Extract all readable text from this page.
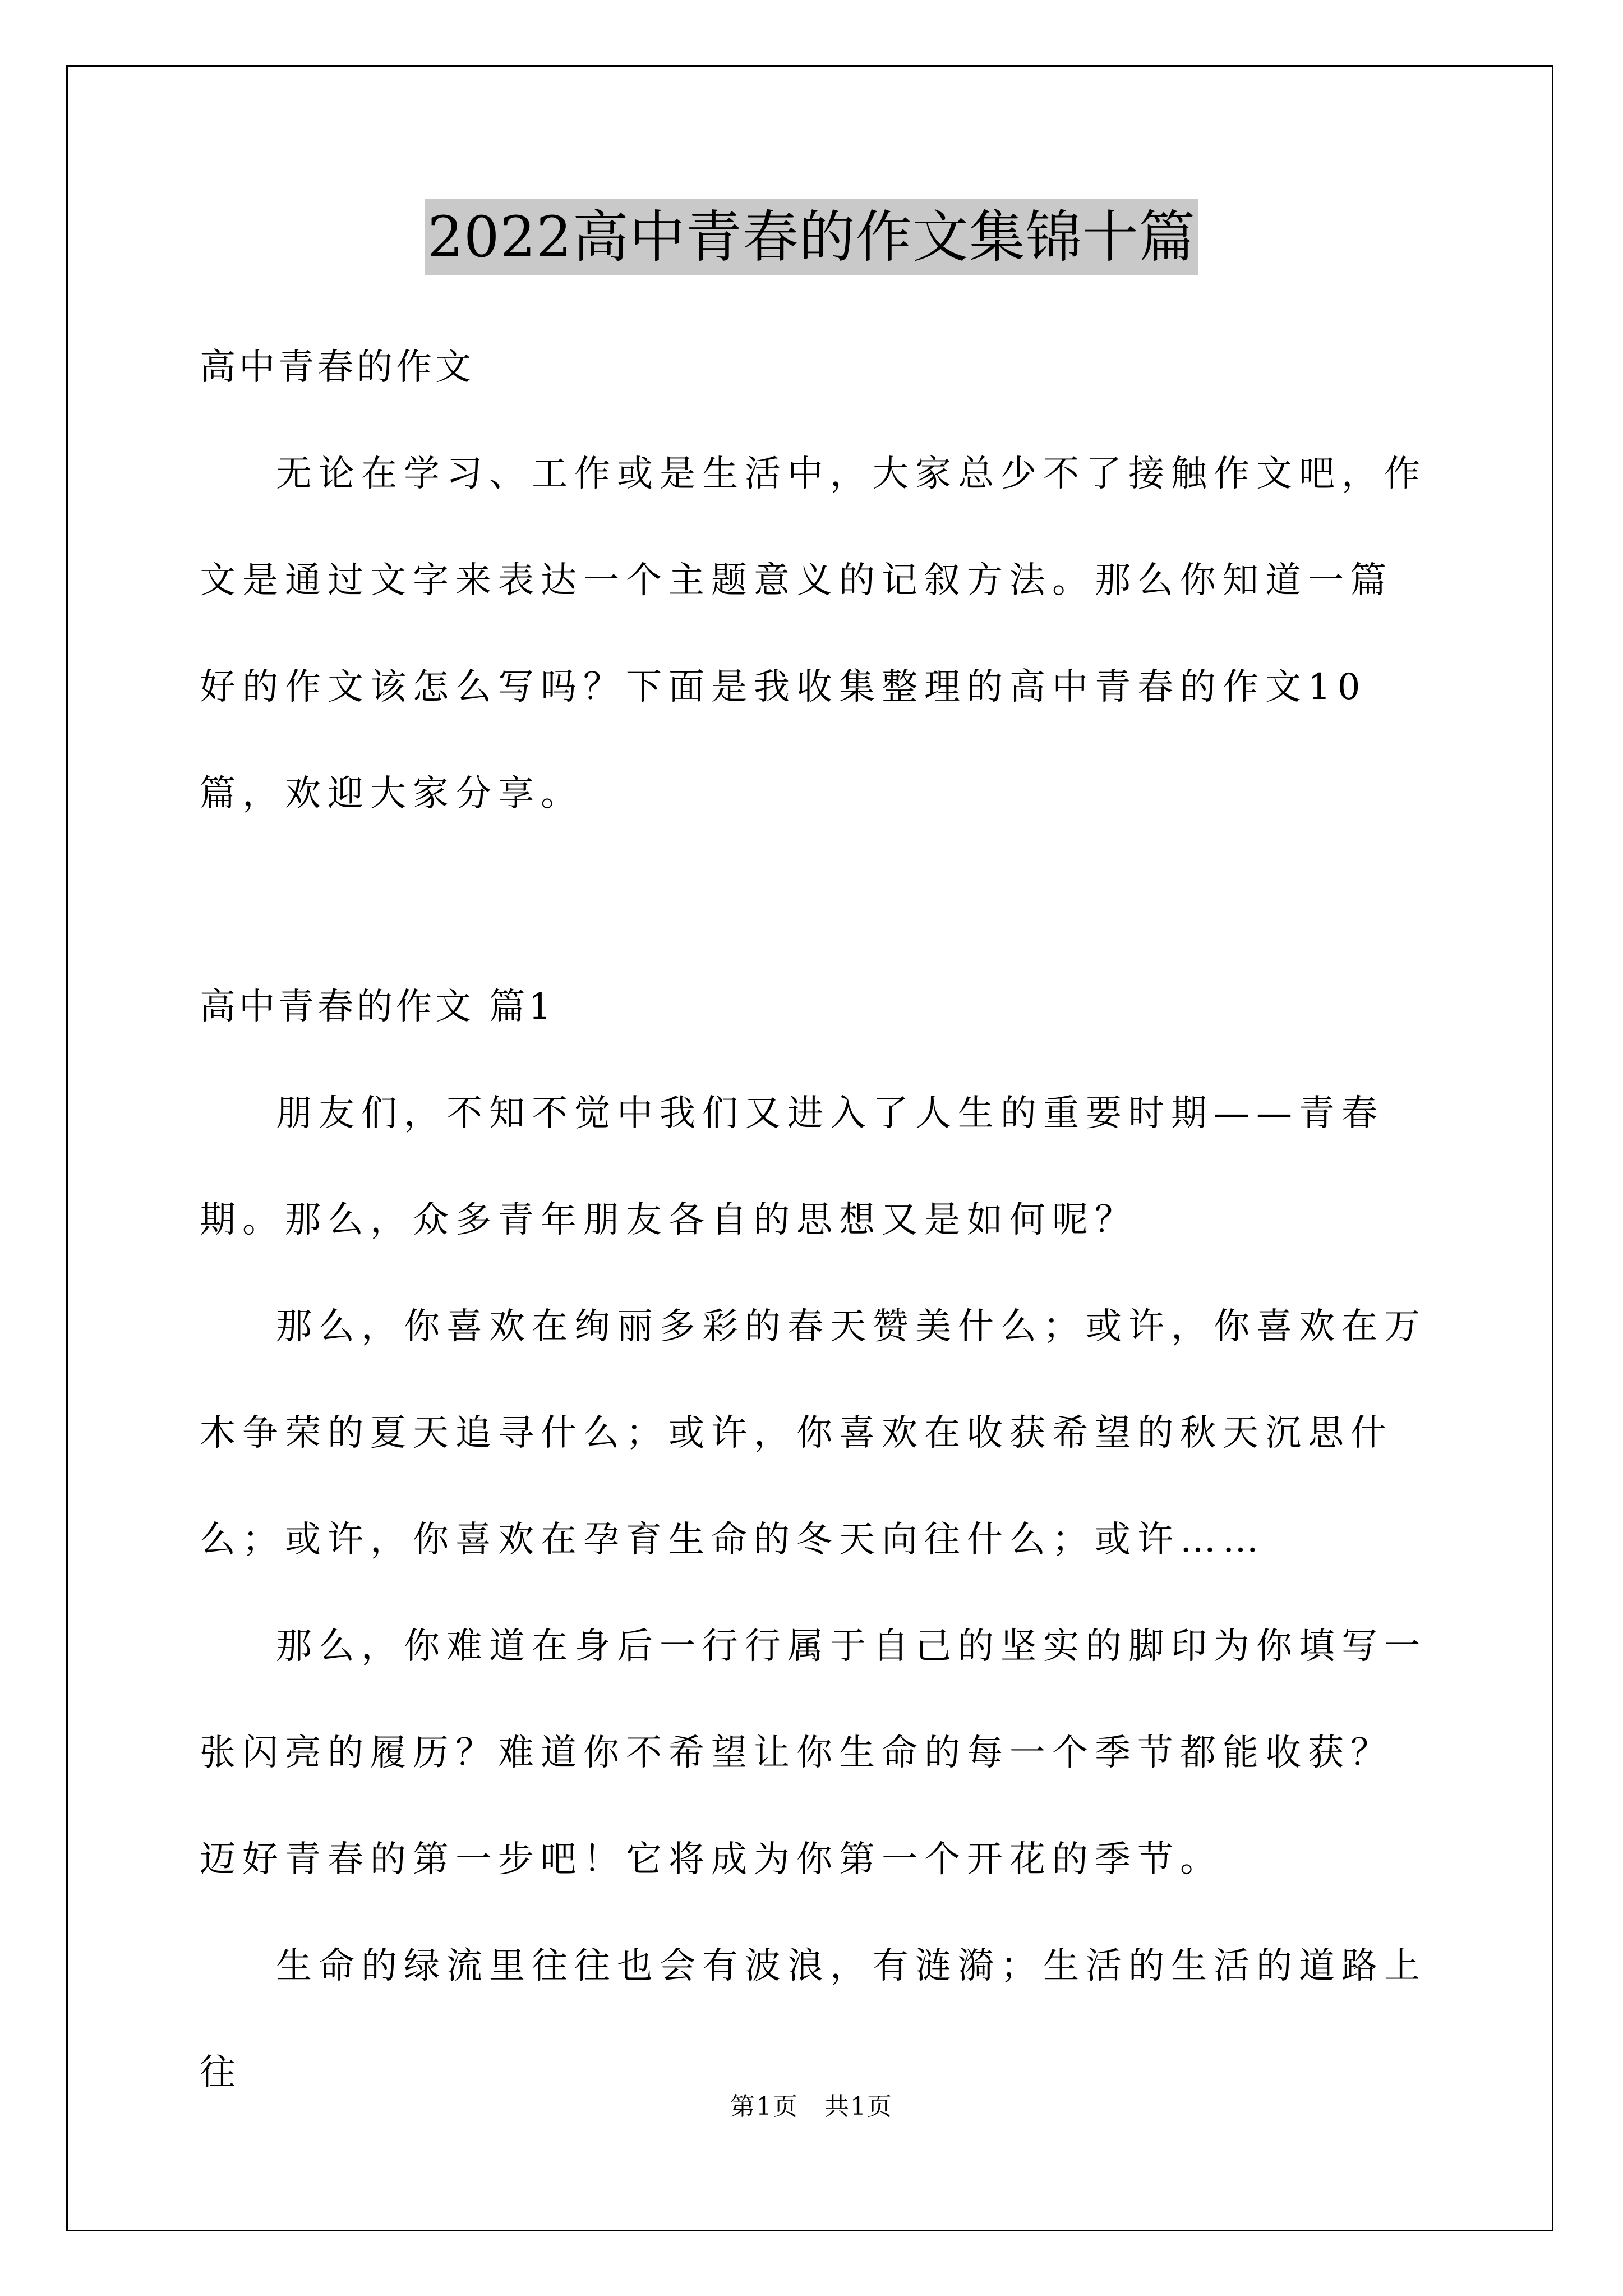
2022高中青春的作文集锦十篇

高中青春的作文

无论在学习、工作或是生活中，大家总少不了接触作文吧，作文是通过文字来表达一个主题意义的记叙方法。那么你知道一篇好的作文该怎么写吗？下面是我收集整理的高中青春的作文10篇，欢迎大家分享。

高中青春的作文 篇1

朋友们，不知不觉中我们又进入了人生的重要时期——青春期。那么，众多青年朋友各自的思想又是如何呢？

那么，你喜欢在绚丽多彩的春天赞美什么；或许，你喜欢在万木争荣的夏天追寻什么；或许，你喜欢在收获希望的秋天沉思什么；或许，你喜欢在孕育生命的冬天向往什么；或许……

那么，你难道在身后一行行属于自己的坚实的脚印为你填写一张闪亮的履历？难道你不希望让你生命的每一个季节都能收获？迈好青春的第一步吧！它将成为你第一个开花的季节。

生命的绿流里往往也会有波浪，有涟漪；生活的生活的道路上往

第1页　共1页
